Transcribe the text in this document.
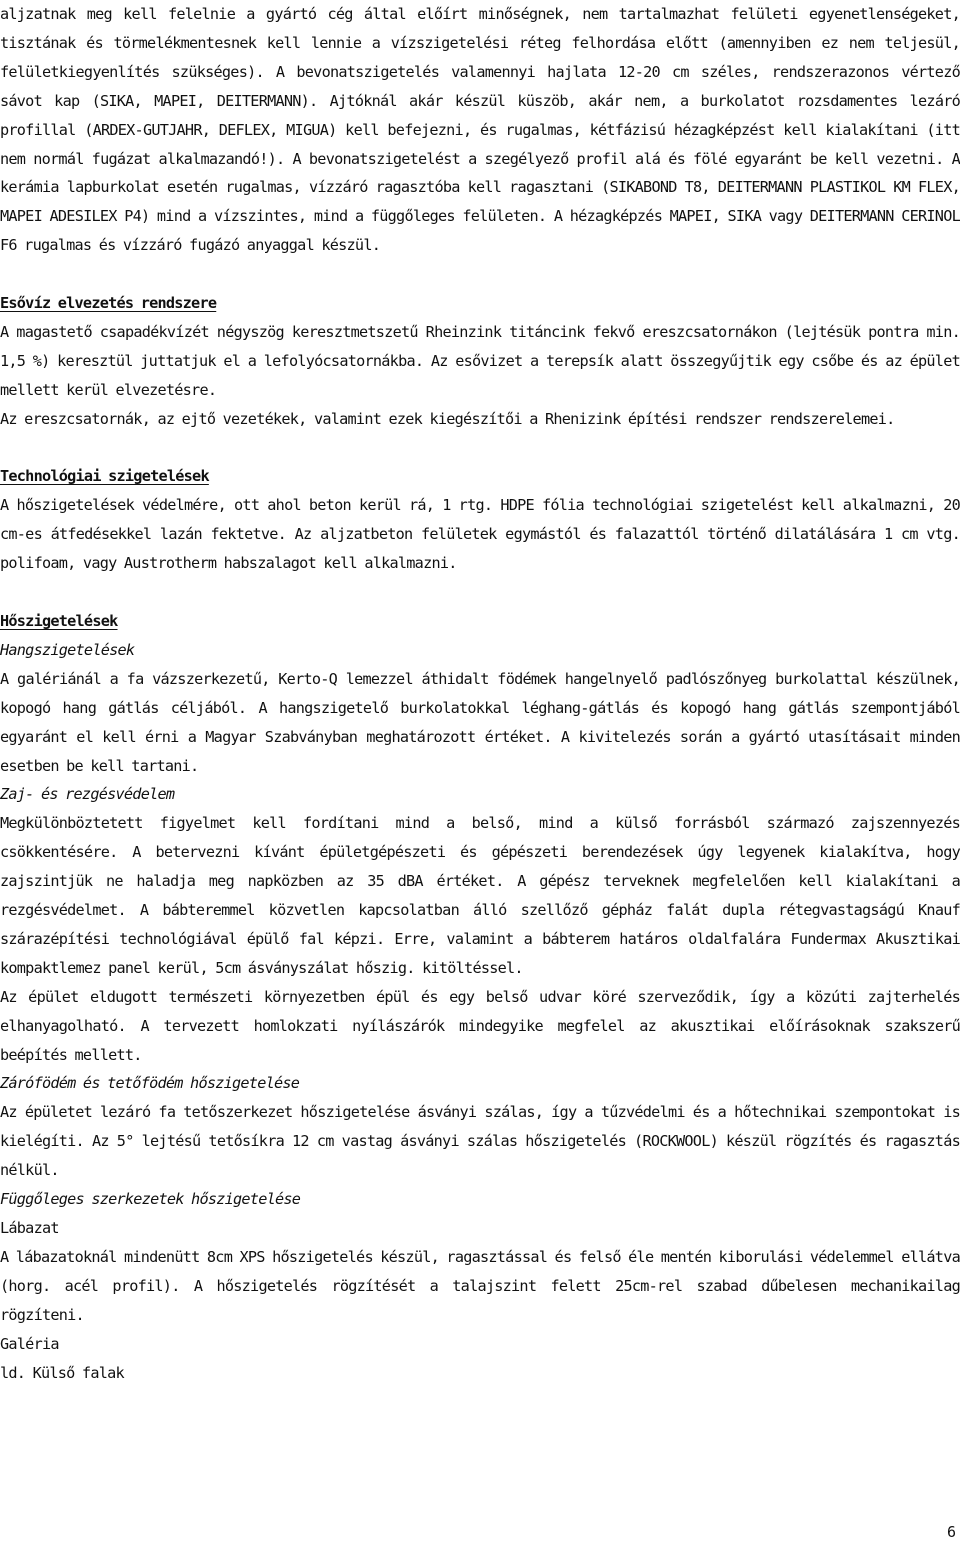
aljzatnak meg kell felelnie a gyártó cég által előírt minőségnek, nem tartalmazhat felületi egyenetlenségeket, tisztának és törmelékmentesnek kell lennie a vízszigetelési réteg felhordása előtt (amennyiben ez nem teljesül, felületkiegyenlítés szükséges). A bevonatszigetelés valamennyi hajlata 12-20 cm széles, rendszerazonos vértező sávot kap (SIKA, MAPEI, DEITERMANN). Ajtóknál akár készül küszöb, akár nem, a burkolatot rozsdamentes lezáró profillal (ARDEX-GUTJAHR, DEFLEX, MIGUA) kell befejezni, és rugalmas, kétfázisú hézagképzést kell kialakítani (itt nem normál fugázat alkalmazandó!). A bevonatszigetelést a szegélyező profil alá és fölé egyaránt be kell vezetni. A kerámia lapburkolat esetén rugalmas, vízzáró ragasztóba kell ragasztani (SIKABOND T8, DEITERMANN PLASTIKOL KM FLEX, MAPEI ADESILEX P4) mind a vízszintes, mind a függőleges felületen. A hézagképzés MAPEI, SIKA vagy DEITERMANN CERINOL F6 rugalmas és vízzáró fugázó anyaggal készül.

Esővíz elvezetés rendszere

A magastető csapadékvízét négyszög keresztmetszetű Rheinzink titáncink fekvő ereszcsatornákon (lejtésük pontra min. 1,5 %) keresztül juttatjuk el a lefolyócsatornákba. Az esővizet a terepsík alatt összegyűjtik egy csőbe és az épület mellett kerül elvezetésre.

Az ereszcsatornák, az ejtő vezetékek, valamint ezek kiegészítői a Rhenizink építési rendszer rendszerelemei.

Technológiai szigetelések

A hőszigetelések védelmére, ott ahol beton kerül rá, 1 rtg. HDPE fólia technológiai szigetelést kell alkalmazni, 20 cm-es átfedésekkel lazán fektetve. Az aljzatbeton felületek egymástól és falazattól történő dilatálására 1 cm vtg. polifoam, vagy Austrotherm habszalagot kell alkalmazni.

Hőszigetelések

Hangszigetelések

A galériánál a fa vázszerkezetű, Kerto-Q lemezzel áthidalt födémek hangelnyelő padlószőnyeg burkolattal készülnek, kopogó hang gátlás céljából. A hangszigetelő burkolatokkal léghang-gátlás és kopogó hang gátlás szempontjából egyaránt el kell érni a Magyar Szabványban meghatározott értéket. A kivitelezés során a gyártó utasításait minden esetben be kell tartani.

Zaj- és rezgésvédelem

Megkülönböztetett figyelmet kell fordítani mind a belső, mind a külső forrásból származó zajszennyezés csökkentésére. A betervezni kívánt épületgépészeti és gépészeti berendezések úgy legyenek kialakítva, hogy zajszintjük ne haladja meg napközben az 35 dBA értéket. A gépész terveknek megfelelően kell kialakítani a rezgésvédelmet. A bábteremmel közvetlen kapcsolatban álló szellőző gépház falát dupla rétegvastagságú Knauf szárazépítési technológiával épülő fal képzi. Erre, valamint a bábterem határos oldalfalára Fundermax Akusztikai kompaktlemez panel kerül, 5cm ásványszálat hőszig. kitöltéssel.

Az épület eldugott természeti környezetben épül és egy belső udvar köré szerveződik, így a közúti zajterhelés elhanyagolható. A tervezett homlokzati nyílászárók mindegyike megfelel az akusztikai előírásoknak szakszerű beépítés mellett.

Zárófödém és tetőfödém hőszigetelése

Az épületet lezáró fa tetőszerkezet hőszigetelése ásványi szálas, így a tűzvédelmi és a hőtechnikai szempontokat is kielégíti. Az 5° lejtésű tetősíkra 12 cm vastag ásványi szálas hőszigetelés (ROCKWOOL) készül rögzítés és ragasztás nélkül.

Függőleges szerkezetek hőszigetelése

Lábazat

A lábazatoknál mindenütt 8cm XPS hőszigetelés készül, ragasztással és felső éle mentén kiborulási védelemmel ellátva (horg. acél profil). A hőszigetelés rögzítését a talajszint felett 25cm-rel szabad dűbelesen mechanikailag rögzíteni.

Galéria

ld. Külső falak

6
